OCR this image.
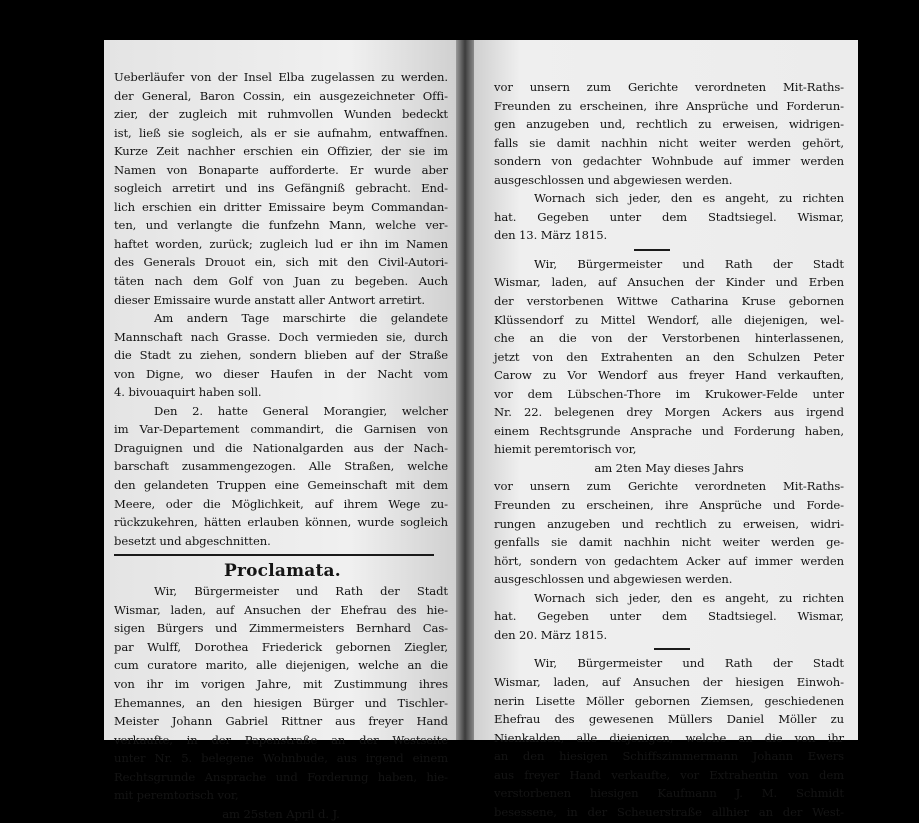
Ueberläufer von der Insel Elba zugelassen zu werden.
der General, Baron Cossin, ein ausgezeichneter Offi-
zier, der zugleich mit ruhmvollen Wunden bedeckt
ist, ließ sie sogleich, als er sie aufnahm, entwaffnen.
Kurze Zeit nachher erschien ein Offizier, der sie im
Namen von Bonaparte aufforderte. Er wurde aber
sogleich arretirt und ins Gefängniß gebracht. End-
lich erschien ein dritter Emissaire beym Commandan-
ten, und verlangte die funfzehn Mann, welche ver-
haftet worden, zurück; zugleich lud er ihn im Namen
des Generals Drouot ein, sich mit den Civil-Autori-
täten nach dem Golf von Juan zu begeben. Auch
dieser Emissaire wurde anstatt aller Antwort arretirt.
Am andern Tage marschirte die gelandete
Mannschaft nach Grasse. Doch vermieden sie, durch
die Stadt zu ziehen, sondern blieben auf der Straße
von Digne, wo dieser Haufen in der Nacht vom
4. bivouaquirt haben soll.
Den 2. hatte General Morangier, welcher
im Var-Departement commandirt, die Garnisen von
Draguignen und die Nationalgarden aus der Nach-
barschaft zusammengezogen. Alle Straßen, welche
den gelandeten Truppen eine Gemeinschaft mit dem
Meere, oder die Möglichkeit, auf ihrem Wege zu-
rückzukehren, hätten erlauben können, wurde sogleich
besetzt und abgeschnitten.
Proclamata.
Wir, Bürgermeister und Rath der Stadt
Wismar, laden, auf Ansuchen der Ehefrau des hie-
sigen Bürgers und Zimmermeisters Bernhard Cas-
par Wulff, Dorothea Friederick gebornen Ziegler,
cum curatore marito, alle diejenigen, welche an die
von ihr im vorigen Jahre, mit Zustimmung ihres
Ehemannes, an den hiesigen Bürger und Tischler-
Meister Johann Gabriel Rittner aus freyer Hand
verkaufte, in der Papenstraße an der Westseite
unter Nr. 5. belegene Wohnbude, aus irgend einem
Rechtsgrunde Ansprache und Forderung haben, hie-
mit peremtorisch vor,
am 25sten April d. J.
vor unsern zum Gerichte verordneten Mit-Raths-
Freunden zu erscheinen, ihre Ansprüche und Forderun-
gen anzugeben und, rechtlich zu erweisen, widrigen-
falls sie damit nachhin nicht weiter werden gehört,
sondern von gedachter Wohnbude auf immer werden
ausgeschlossen und abgewiesen werden.
Wornach sich jeder, den es angeht, zu richten
hat. Gegeben unter dem Stadtsiegel. Wismar,
den 13. März 1815.
Wir, Bürgermeister und Rath der Stadt
Wismar, laden, auf Ansuchen der Kinder und Erben
der verstorbenen Wittwe Catharina Kruse gebornen
Klüssendorf zu Mittel Wendorf, alle diejenigen, wel-
che an die von der Verstorbenen hinterlassenen,
jetzt von den Extrahenten an den Schulzen Peter
Carow zu Vor Wendorf aus freyer Hand verkauften,
vor dem Lübschen-Thore im Krukower-Felde unter
Nr. 22. belegenen drey Morgen Ackers aus irgend
einem Rechtsgrunde Ansprache und Forderung haben,
hiemit peremtorisch vor,
am 2ten May dieses Jahrs
vor unsern zum Gerichte verordneten Mit-Raths-
Freunden zu erscheinen, ihre Ansprüche und Forde-
rungen anzugeben und rechtlich zu erweisen, widri-
genfalls sie damit nachhin nicht weiter werden ge-
hört, sondern von gedachtem Acker auf immer werden
ausgeschlossen und abgewiesen werden.
Wornach sich jeder, den es angeht, zu richten
hat. Gegeben unter dem Stadtsiegel. Wismar,
den 20. März 1815.
Wir, Bürgermeister und Rath der Stadt
Wismar, laden, auf Ansuchen der hiesigen Einwoh-
nerin Lisette Möller gebornen Ziemsen, geschiedenen
Ehefrau des gewesenen Müllers Daniel Möller zu
Nienkalden, alle diejenigen, welche an die von ihr
an den hiesigen Schiffszimmermann Johann Ewers
aus freyer Hand verkaufte, vor Extrahentin von dem
verstorbenen hiesigen Kaufmann J. M. Schmidt
besessene, in der Scheuerstraße allhier an der West-
